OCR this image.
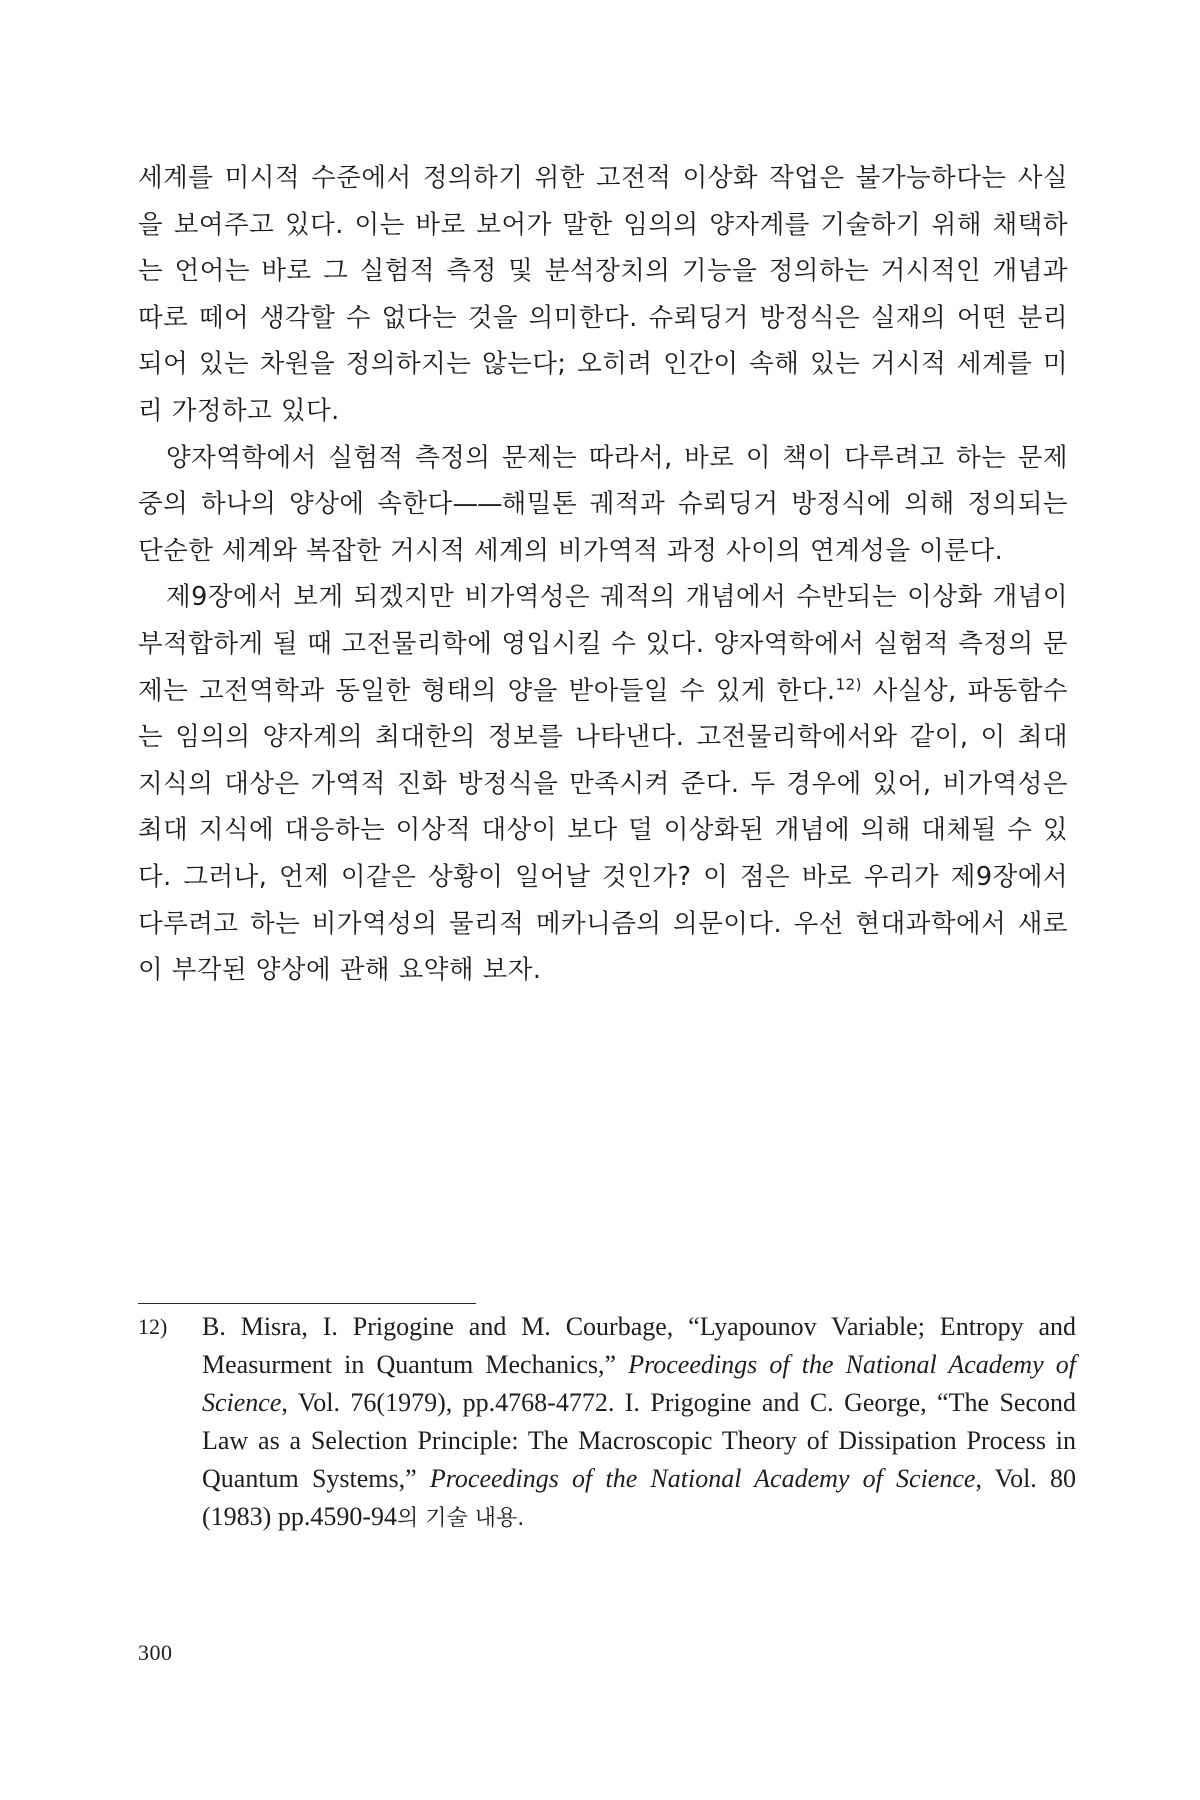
세계를 미시적 수준에서 정의하기 위한 고전적 이상화 작업은 불가능하다는 사실을 보여주고 있다. 이는 바로 보어가 말한 임의의 양자계를 기술하기 위해 채택하는 언어는 바로 그 실험적 측정 및 분석장치의 기능을 정의하는 거시적인 개념과 따로 떼어 생각할 수 없다는 것을 의미한다. 슈뢰딩거 방정식은 실재의 어떤 분리되어 있는 차원을 정의하지는 않는다; 오히려 인간이 속해 있는 거시적 세계를 미리 가정하고 있다.

양자역학에서 실험적 측정의 문제는 따라서, 바로 이 책이 다루려고 하는 문제 중의 하나의 양상에 속한다——해밀톤 궤적과 슈뢰딩거 방정식에 의해 정의되는 단순한 세계와 복잡한 거시적 세계의 비가역적 과정 사이의 연계성을 이룬다.

제9장에서 보게 되겠지만 비가역성은 궤적의 개념에서 수반되는 이상화 개념이 부적합하게 될 때 고전물리학에 영입시킬 수 있다. 양자역학에서 실험적 측정의 문제는 고전역학과 동일한 형태의 양을 받아들일 수 있게 한다.$^{12)}$ 사실상, 파동함수는 임의의 양자계의 최대한의 정보를 나타낸다. 고전물리학에서와 같이, 이 최대 지식의 대상은 가역적 진화 방정식을 만족시켜 준다. 두 경우에 있어, 비가역성은 최대 지식에 대응하는 이상적 대상이 보다 덜 이상화된 개념에 의해 대체될 수 있다. 그러나, 언제 이같은 상황이 일어날 것인가? 이 점은 바로 우리가 제9장에서 다루려고 하는 비가역성의 물리적 메카니즘의 의문이다. 우선 현대과학에서 새로이 부각된 양상에 관해 요약해 보자.

12)	B. Misra, I. Prigogine and M. Courbage, “Lyapounov Variable; Entropy and Measurment in Quantum Mechanics,” Proceedings of the National Academy of Science, Vol. 76(1979), pp.4768-4772. I. Prigogine and C. George, “The Second Law as a Selection Principle: The Macroscopic Theory of Dissipation Process in Quantum Systems,” Proceedings of the National Academy of Science, Vol. 80 (1983) pp.4590-94의 기술 내용.
300
